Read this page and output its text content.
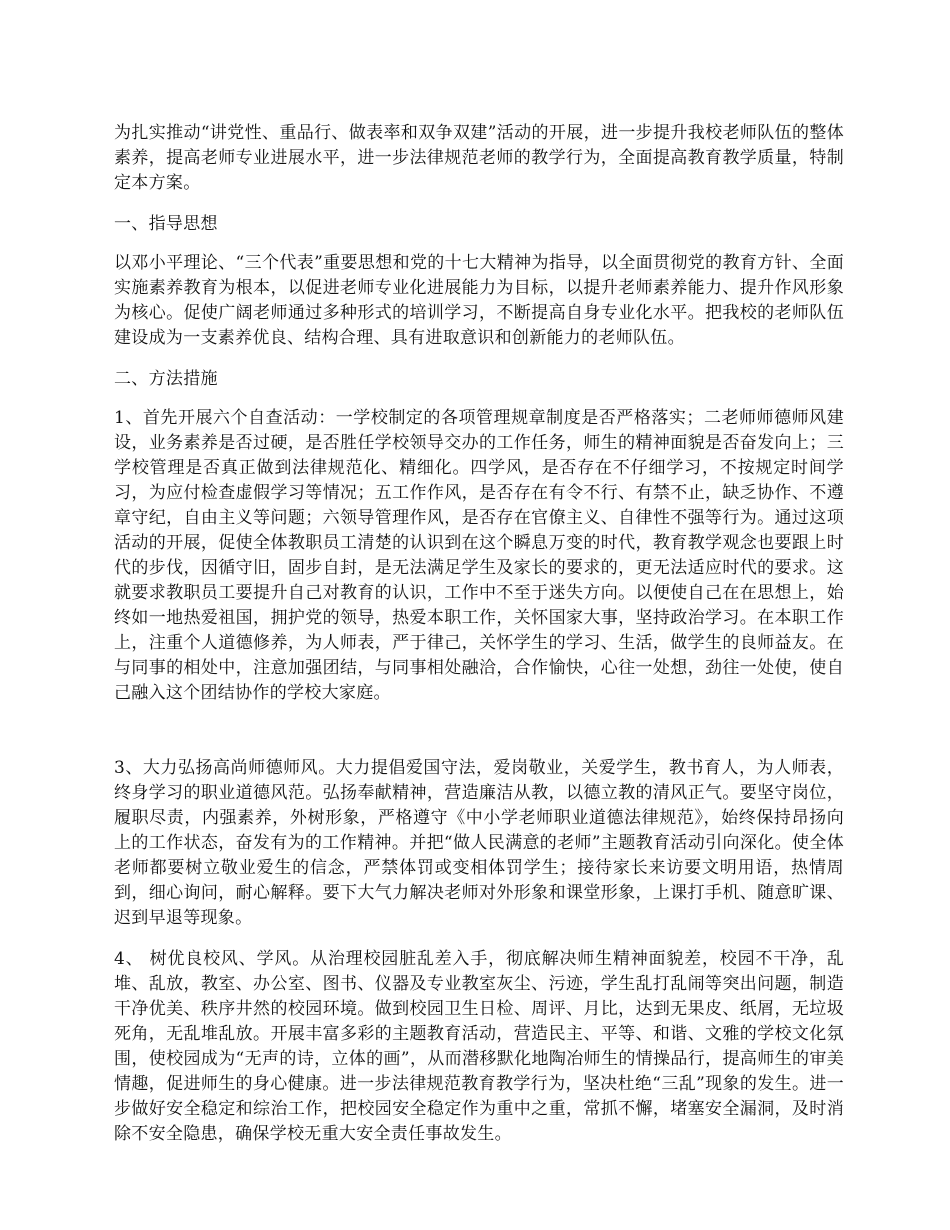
为扎实推动“讲党性、重品行、做表率和双争双建”活动的开展，进一步提升我校老师队伍的整体素养，提高老师专业进展水平，进一步法律规范老师的教学行为，全面提高教育教学质量，特制定本方案。

一、指导思想

以邓小平理论、“三个代表”重要思想和党的十七大精神为指导，以全面贯彻党的教育方针、全面实施素养教育为根本，以促进老师专业化进展能力为目标，以提升老师素养能力、提升作风形象为核心。促使广阔老师通过多种形式的培训学习，不断提高自身专业化水平。把我校的老师队伍建设成为一支素养优良、结构合理、具有进取意识和创新能力的老师队伍。

二、方法措施

1、首先开展六个自查活动：一学校制定的各项管理规章制度是否严格落实；二老师师德师风建设，业务素养是否过硬，是否胜任学校领导交办的工作任务，师生的精神面貌是否奋发向上；三学校管理是否真正做到法律规范化、精细化。四学风，是否存在不仔细学习，不按规定时间学习，为应付检查虚假学习等情况；五工作作风，是否存在有令不行、有禁不止，缺乏协作、不遵章守纪，自由主义等问题；六领导管理作风，是否存在官僚主义、自律性不强等行为。通过这项活动的开展，促使全体教职员工清楚的认识到在这个瞬息万变的时代，教育教学观念也要跟上时代的步伐，因循守旧，固步自封，是无法满足学生及家长的要求的，更无法适应时代的要求。这就要求教职员工要提升自己对教育的认识，工作中不至于迷失方向。以便使自己在在思想上，始终如一地热爱祖国，拥护党的领导，热爱本职工作，关怀国家大事，坚持政治学习。在本职工作上，注重个人道德修养，为人师表，严于律己，关怀学生的学习、生活，做学生的良师益友。在与同事的相处中，注意加强团结，与同事相处融洽，合作愉快，心往一处想，劲往一处使，使自己融入这个团结协作的学校大家庭。

3、大力弘扬高尚师德师风。大力提倡爱国守法，爱岗敬业，关爱学生，教书育人，为人师表，终身学习的职业道德风范。弘扬奉献精神，营造廉洁从教，以德立教的清风正气。要坚守岗位，履职尽责，内强素养，外树形象，严格遵守《中小学老师职业道德法律规范》，始终保持昂扬向上的工作状态，奋发有为的工作精神。并把“做人民满意的老师”主题教育活动引向深化。使全体老师都要树立敬业爱生的信念，严禁体罚或变相体罚学生；接待家长来访要文明用语，热情周到，细心询问，耐心解释。要下大气力解决老师对外形象和课堂形象，上课打手机、随意旷课、迟到早退等现象。

4、 树优良校风、学风。从治理校园脏乱差入手，彻底解决师生精神面貌差，校园不干净，乱堆、乱放，教室、办公室、图书、仪器及专业教室灰尘、污迹，学生乱打乱闹等突出问题，制造干净优美、秩序井然的校园环境。做到校园卫生日检、周评、月比，达到无果皮、纸屑，无垃圾死角，无乱堆乱放。开展丰富多彩的主题教育活动，营造民主、平等、和谐、文雅的学校文化氛围，使校园成为“无声的诗，立体的画”，从而潜移默化地陶冶师生的情操品行，提高师生的审美情趣，促进师生的身心健康。进一步法律规范教育教学行为，坚决杜绝“三乱”现象的发生。进一步做好安全稳定和综治工作，把校园安全稳定作为重中之重，常抓不懈，堵塞安全漏洞，及时消除不安全隐患，确保学校无重大安全责任事故发生。
